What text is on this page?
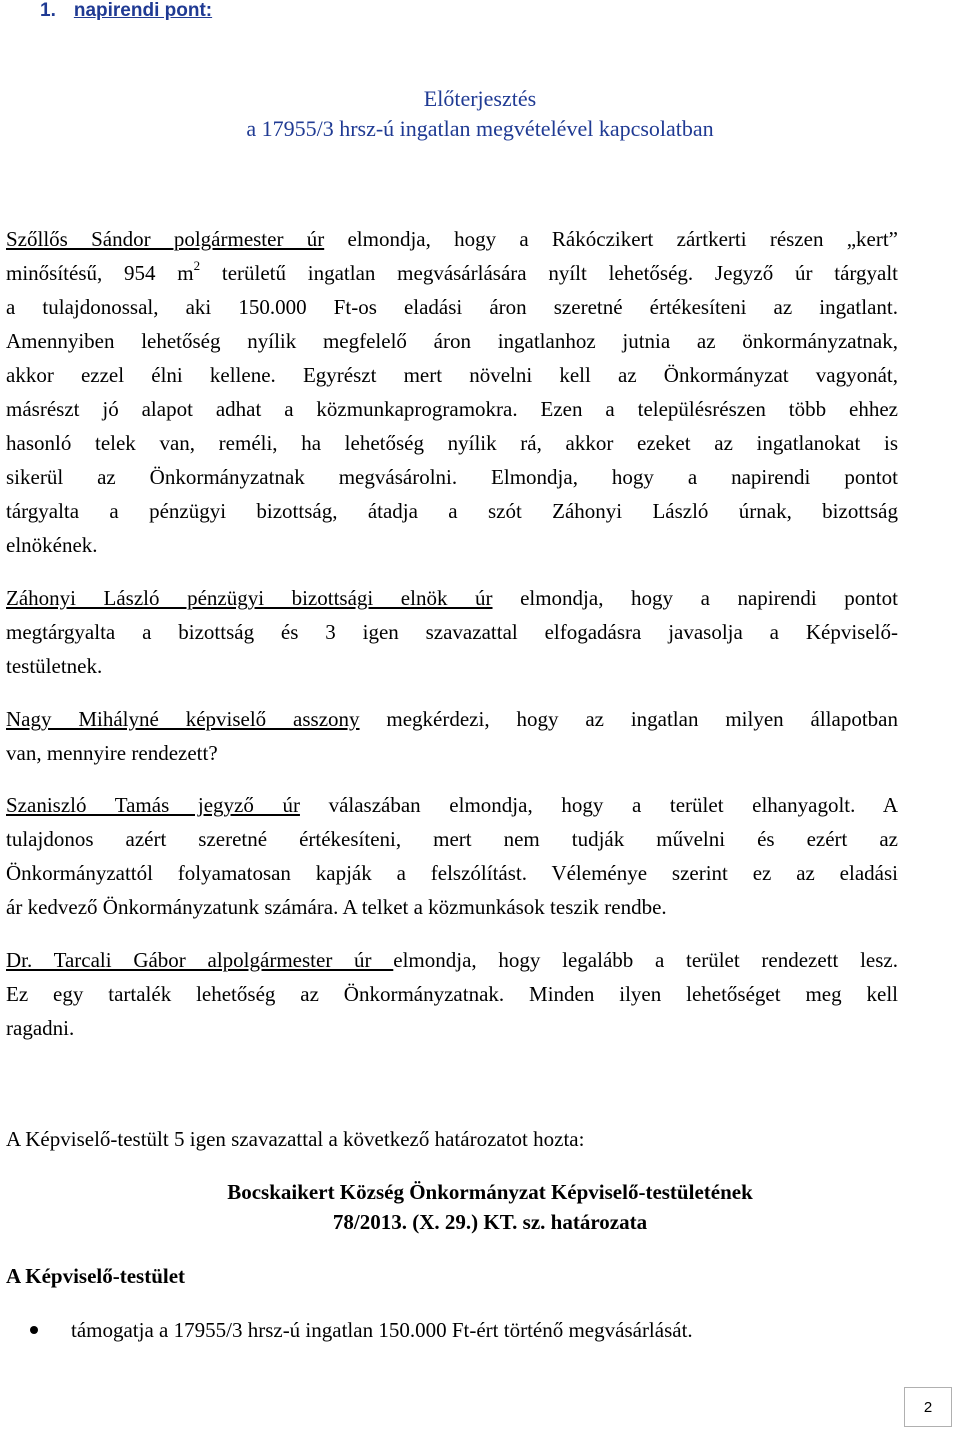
1. napirendi pont:
Előterjesztés
a 17955/3 hrsz-ú ingatlan megvételével kapcsolatban
Szőllős Sándor polgármester úr elmondja, hogy a Rákóczikert zártkerti részen „kert”
minősítésű, 954 $m^2$ területű ingatlan megvásárlására nyílt lehetőség. Jegyző úr tárgyalt
a tulajdonossal, aki 150.000 Ft-os eladási áron szeretné értékesíteni az ingatlant.
Amennyiben lehetőség nyílik megfelelő áron ingatlanhoz jutnia az önkormányzatnak,
akkor ezzel élni kellene. Egyrészt mert növelni kell az Önkormányzat vagyonát,
másrészt jó alapot adhat a közmunkaprogramokra. Ezen a településrészen több ehhez
hasonló telek van, reméli, ha lehetőség nyílik rá, akkor ezeket az ingatlanokat is
sikerül az Önkormányzatnak megvásárolni. Elmondja, hogy a napirendi pontot
tárgyalta a pénzügyi bizottság, átadja a szót Záhonyi László úrnak, bizottság
elnökének.
Záhonyi László pénzügyi bizottsági elnök úr elmondja, hogy a napirendi pontot
megtárgyalta a bizottság és 3 igen szavazattal elfogadásra javasolja a Képviselő-
testületnek.
Nagy Mihályné képviselő asszony megkérdezi, hogy az ingatlan milyen állapotban
van, mennyire rendezett?
Szaniszló Tamás jegyző úr válaszában elmondja, hogy a terület elhanyagolt. A
tulajdonos azért szeretné értékesíteni, mert nem tudják művelni és ezért az
Önkormányzattól folyamatosan kapják a felszólítást. Véleménye szerint ez az eladási
ár kedvező Önkormányzatunk számára. A telket a közmunkások teszik rendbe.
Dr. Tarcali Gábor alpolgármester úr elmondja, hogy legalább a terület rendezett lesz.
Ez egy tartalék lehetőség az Önkormányzatnak. Minden ilyen lehetőséget meg kell
ragadni.
A Képviselő-testült 5 igen szavazattal a következő határozatot hozta:
Bocskaikert Község Önkormányzat Képviselő-testületének
78/2013. (X. 29.) KT. sz. határozata
A Képviselő-testület
támogatja a 17955/3 hrsz-ú ingatlan 150.000 Ft-ért történő megvásárlását.
2
